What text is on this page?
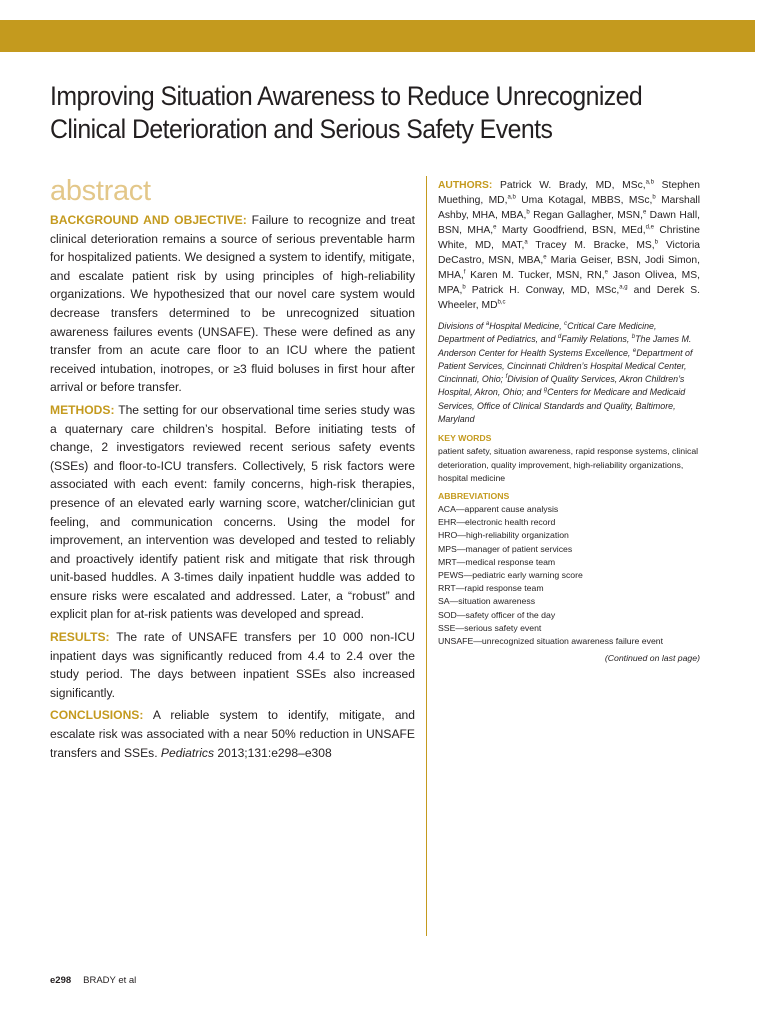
Improving Situation Awareness to Reduce Unrecognized
Clinical Deterioration and Serious Safety Events
abstract

BACKGROUND AND OBJECTIVE: Failure to recognize and treat clinical deterioration remains a source of serious preventable harm for hospitalized patients. We designed a system to identify, mitigate, and escalate patient risk by using principles of high-reliability organizations. We hypothesized that our novel care system would decrease transfers determined to be unrecognized situation awareness failures events (UNSAFE). These were defined as any transfer from an acute care floor to an ICU where the patient received intubation, inotropes, or ≥3 fluid boluses in first hour after arrival or before transfer.

METHODS: The setting for our observational time series study was a quaternary care children’s hospital. Before initiating tests of change, 2 investigators reviewed recent serious safety events (SSEs) and floor-to-ICU transfers. Collectively, 5 risk factors were associated with each event: family concerns, high-risk therapies, presence of an elevated early warning score, watcher/clinician gut feeling, and communication concerns. Using the model for improvement, an intervention was developed and tested to reliably and proactively identify patient risk and mitigate that risk through unit-based huddles. A 3-times daily inpatient huddle was added to ensure risks were escalated and addressed. Later, a “robust” and explicit plan for at-risk patients was developed and spread.

RESULTS: The rate of UNSAFE transfers per 10 000 non-ICU inpatient days was significantly reduced from 4.4 to 2.4 over the study period. The days between inpatient SSEs also increased significantly.

CONCLUSIONS: A reliable system to identify, mitigate, and escalate risk was associated with a near 50% reduction in UNSAFE transfers and SSEs. Pediatrics 2013;131:e298–e308

AUTHORS: Patrick W. Brady, MD, MSc,$^{a,b}$ Stephen Muething, MD,$^{a,b}$ Uma Kotagal, MBBS, MSc,$^b$ Marshall Ashby, MHA, MBA,$^b$ Regan Gallagher, MSN,$^e$ Dawn Hall, BSN, MHA,$^e$ Marty Goodfriend, BSN, MEd,$^{d,e}$ Christine White, MD, MAT,$^a$ Tracey M. Bracke, MS,$^b$ Victoria DeCastro, MSN, MBA,$^e$ Maria Geiser, BSN, Jodi Simon, MHA,$^f$ Karen M. Tucker, MSN, RN,$^e$ Jason Olivea, MS, MPA,$^b$ Patrick H. Conway, MD, MSc,$^{a,g}$ and Derek S. Wheeler, MD$^{b,c}$

Divisions of $^a$Hospital Medicine, $^c$Critical Care Medicine, Department of Pediatrics, and $^d$Family Relations, $^b$The James M. Anderson Center for Health Systems Excellence, $^e$Department of Patient Services, Cincinnati Children’s Hospital Medical Center, Cincinnati, Ohio; $^f$Division of Quality Services, Akron Children’s Hospital, Akron, Ohio; and $^g$Centers for Medicare and Medicaid Services, Office of Clinical Standards and Quality, Baltimore, Maryland

KEY WORDS

patient safety, situation awareness, rapid response systems, clinical deterioration, quality improvement, high-reliability organizations, hospital medicine

ABBREVIATIONS
ACA—apparent cause analysis
EHR—electronic health record
HRO—high-reliability organization
MPS—manager of patient services
MRT—medical response team
PEWS—pediatric early warning score
RRT—rapid response team
SA—situation awareness
SOD—safety officer of the day
SSE—serious safety event
UNSAFE—unrecognized situation awareness failure event
(Continued on last page)
e298 BRADY et al
